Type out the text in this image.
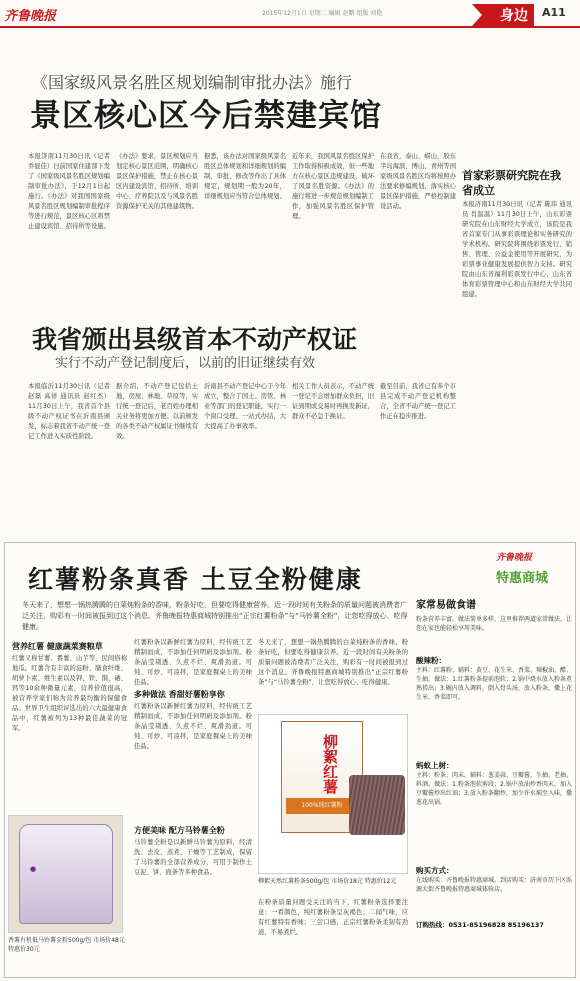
齐鲁晚报	2015年12月1日 星期二 编辑 赵鹏 组版 刘艳	身边 A11
《国家级风景名胜区规划编制审批办法》施行
景区核心区今后禁建宾馆
本报济南11月30日讯（记者 乔显佳）日前国家住建部下发了《国家级风景名胜区规划编制审批办法》，于12月1日起施行。《办法》对我国国家级风景名胜区规划编制审批程序等进行规范，景区核心区将禁止建设宾馆、招待所等设施。
《办法》要求，景区规划应当划定核心景区范围，明确核心景区保护措施，禁止在核心景区内建设宾馆、招待所、培训中心、疗养院以及与风景名胜资源保护无关的其他建筑物。
据悉，该办法对国家级风景名胜区总体规划和详细规划的编制、审批、修改等作出了具体规定，规划期一般为20年，详细规划应当符合总体规划。
近年来，我国风景名胜区保护工作取得积极成效，但一些地方在核心景区违规建设，破坏了风景名胜资源。《办法》的施行将进一步规范规划编制工作，加强风景名胜区保护管理。
在我省，泰山、崂山、胶东半岛海滨、博山、青州等国家级风景名胜区均将按照办法要求修编规划，落实核心景区保护措施，严格控制建设活动。
首家彩票研究院在我省成立
本报济南11月30日讯（记者 陈玮 通讯员 肖温温）11月30日上午，山东彩票研究院在山东财经大学成立，该院是我省首家专门从事彩票理论和实务研究的学术机构。研究院将围绕彩票发行、销售、管理、公益金使用等开展研究，为彩票事业健康发展提供智力支持。研究院由山东省福利彩票发行中心、山东省体育彩票管理中心和山东财经大学共同组建。
我省颁出县级首本不动产权证
实行不动产登记制度后，以前的旧证继续有效
本报临沂11月30日讯（记者 赵磊 高祥 通讯员 赵红杰）11月30日上午，我省首个县级不动产权证书在沂南县颁发，标志着我省不动产统一登记工作进入实质性阶段。
据介绍，不动产登记包括土地、房屋、林地、草原等，实行统一登记后，老百姓办理相关业务将更加方便。以前颁发的各类不动产权属证书继续有效。
沂南县不动产登记中心于今年成立，整合了国土、房管、林业等部门的登记职能，实行一个窗口受理、一站式办结，大大提高了办事效率。
相关工作人员表示，不动产统一登记不会增加群众负担，旧证到期或交易时再换发新证，群众不必急于换证。
截至目前，我省已有多个市县完成不动产登记机构整合，全省不动产统一登记工作正在稳步推进。
红薯粉条真香 土豆全粉健康
齐鲁晚报
特惠商城
冬天来了，想想一锅热腾腾的白菜炖粉条的香味，粉条好吃，但要吃得健康营养。近一段时间有关粉条的质量问题被消费者广泛关注，购彩有一时间被报到过这个消息。齐鲁晚报特惠商城特别推出“正宗红薯粉条”与“马铃薯全粉”，让您吃得放心、吃得健康。
营养红薯 健康蔬菜赛粮草
红薯又称甘薯、番薯、山芋等，民间俗称地瓜。红薯含有丰富的淀粉、膳食纤维、胡萝卜素、维生素以及钾、铁、铜、硒、钙等10余种微量元素，营养价值很高，被营养学家们称为营养最均衡的保健食品。世界卫生组织评选出的六大最健康食品中，红薯被列为13种最佳蔬菜的冠军。
●
香薯有机低马铃薯全粉500g/包 市场价48元 特惠价30元
红薯粉条以新鲜红薯为原料，经传统工艺精制而成，不添加任何明矾及添加剂。粉条晶莹剔透、久煮不烂、爽滑劲道。可炖、可炒、可凉拌，是家庭餐桌上的美味佳品。
多种做法 香甜好薯粉享你
红薯粉条以新鲜红薯为原料，经传统工艺精制而成，不添加任何明矾及添加剂。粉条晶莹剔透、久煮不烂、爽滑劲道。可炖、可炒、可凉拌，是家庭餐桌上的美味佳品。
方便美味 配方马铃薯全粉
马铃薯全粉是以新鲜马铃薯为原料，经清洗、去皮、蒸煮、干燥等工艺制成，保留了马铃薯的全部营养成分，可用于制作土豆泥、饼、面条等多种食品。
冬天来了，想想一锅热腾腾的白菜炖粉条的香味，粉条好吃，但要吃得健康营养。近一段时间有关粉条的质量问题被消费者广泛关注，购彩有一时间被报到过这个消息。齐鲁晚报特惠商城特别推出“正宗红薯粉条”与“马铃薯全粉”，让您吃得放心、吃得健康。
柳絮红薯
100%纯红薯粉
柳絮天然红薯粉条500g/包 市场价18元 特惠价12元
在粉条质量问题受关注的当下，红薯粉条选择要注意：一看颜色，纯红薯粉条呈灰褐色；二闻气味，应有红薯特有香味；三尝口感，正宗红薯粉条柔韧有劲道，不易煮烂。
家常易做食谱
粉条营养丰富，做法简单多样，这里推荐两道家常做法，让您在家也能轻松享用美味。
酸辣粉：
主料：红薯粉、辅料：黄豆、花生米、香菜、辣椒油、醋、生抽。做法：1.红薯粉条提前泡软；2.锅中烧水放入粉条煮熟捞出；3.碗内放入调料，倒入骨头汤，放入粉条，撒上花生米、香菜即可。
蚂蚁上树：
主料：粉条、肉末。辅料：葱姜蒜、豆瓣酱、生抽、老抽、料酒。做法：1.粉条泡软剪段；2.锅中放油炒香肉末，加入豆瓣酱炒出红油；3.放入粉条翻炒，加少许水焖至入味，撒葱花出锅。
购买方式：
在线购买：齐鲁晚报特惠商城。到店购买：济南市历下区泺源大街齐鲁晚报特惠商城体验店。
订购热线：0531-85196828 85196137
